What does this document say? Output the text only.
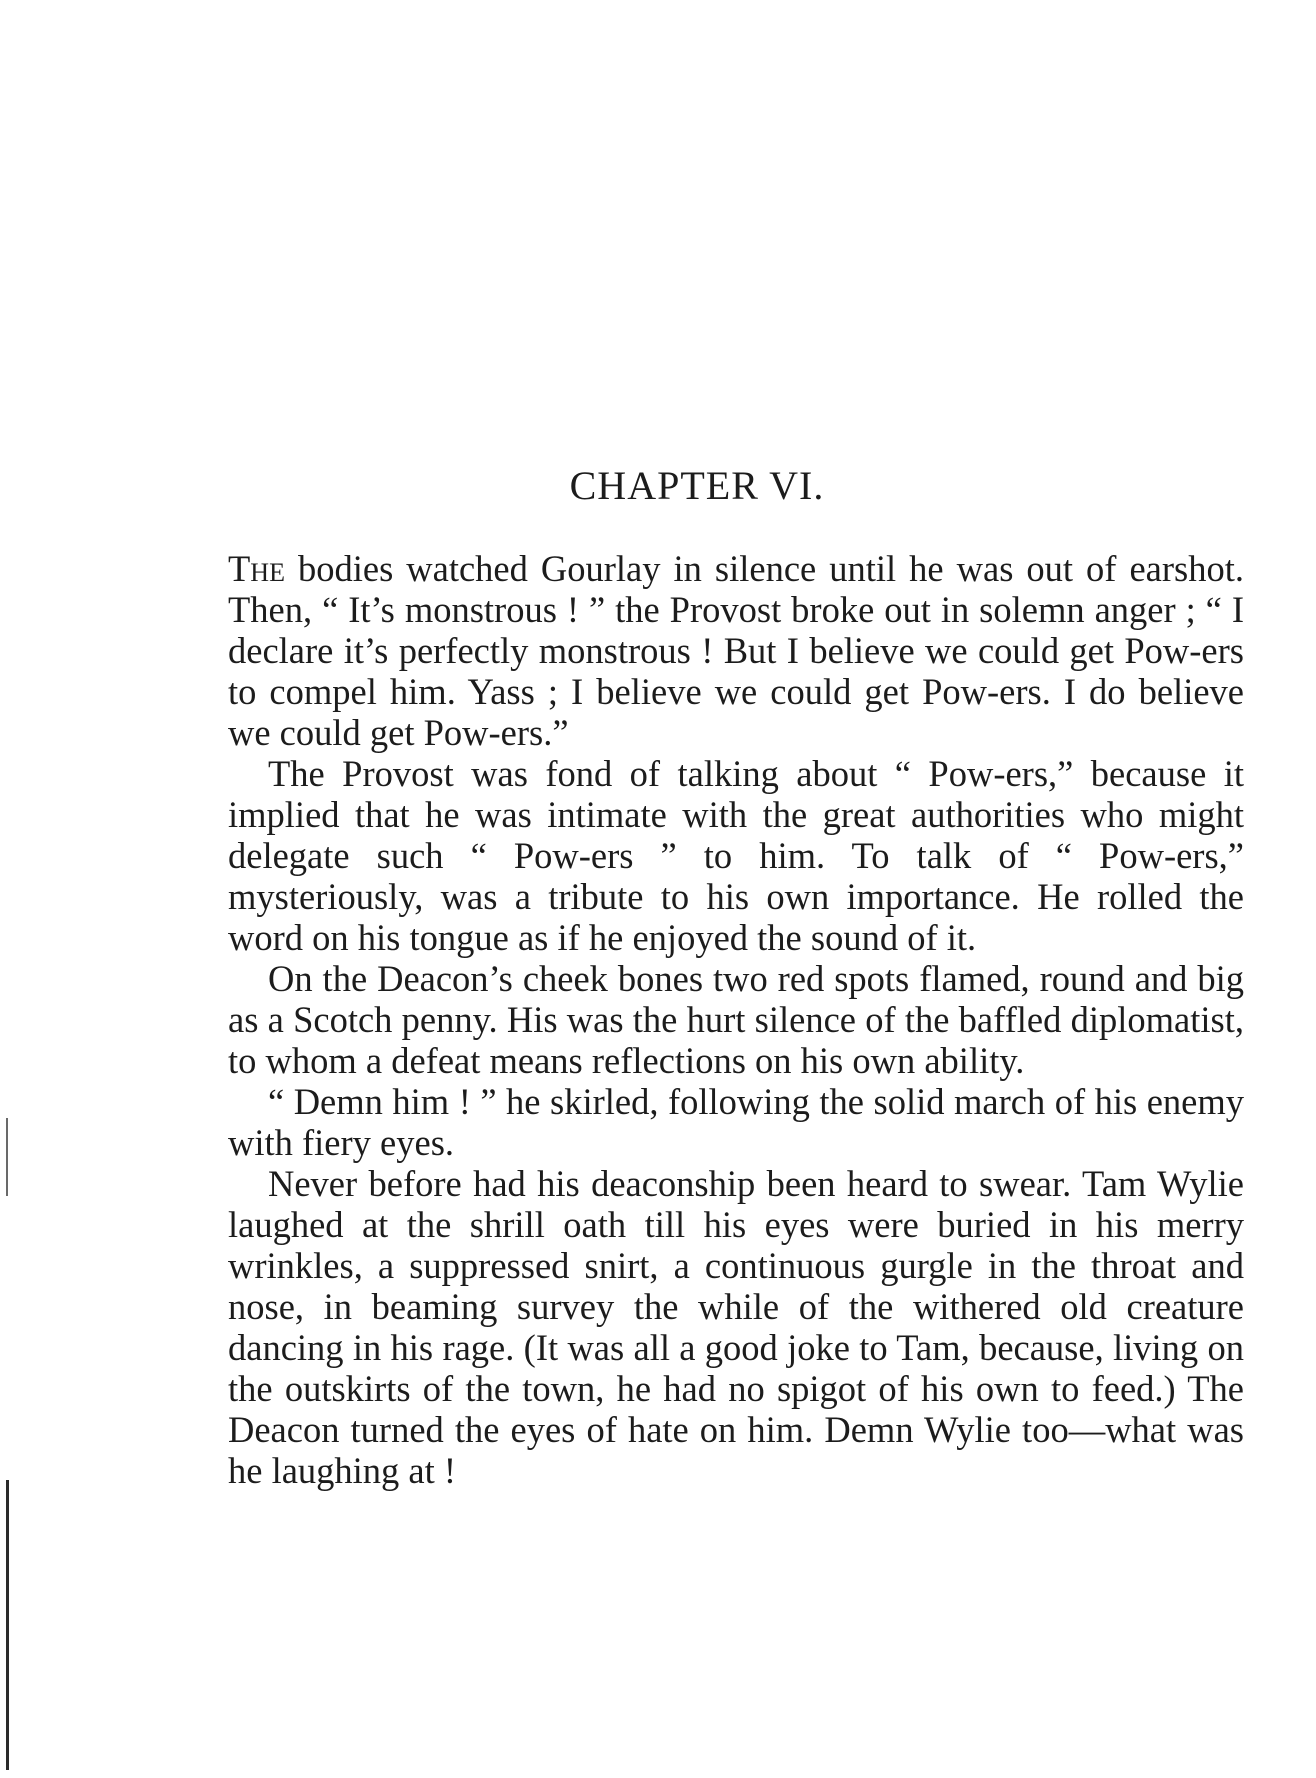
CHAPTER VI.

The bodies watched Gourlay in silence until he was out of earshot. Then, “ It’s monstrous ! ” the Provost broke out in solemn anger ; “ I declare it’s perfectly monstrous ! But I believe we could get Pow-ers to compel him. Yass ; I believe we could get Pow-ers. I do believe we could get Pow-ers.”

The Provost was fond of talking about “ Pow-ers,” because it implied that he was intimate with the great authorities who might delegate such “ Pow-ers ” to him. To talk of “ Pow-ers,” mysteriously, was a tribute to his own importance. He rolled the word on his tongue as if he enjoyed the sound of it.

On the Deacon’s cheek bones two red spots flamed, round and big as a Scotch penny. His was the hurt silence of the baffled diplomatist, to whom a defeat means reflections on his own ability.

“ Demn him ! ” he skirled, following the solid march of his enemy with fiery eyes.

Never before had his deaconship been heard to swear. Tam Wylie laughed at the shrill oath till his eyes were buried in his merry wrinkles, a suppressed snirt, a continuous gurgle in the throat and nose, in beaming survey the while of the withered old creature dancing in his rage. (It was all a good joke to Tam, because, living on the outskirts of the town, he had no spigot of his own to feed.) The Deacon turned the eyes of hate on him. Demn Wylie too—what was he laughing at !
